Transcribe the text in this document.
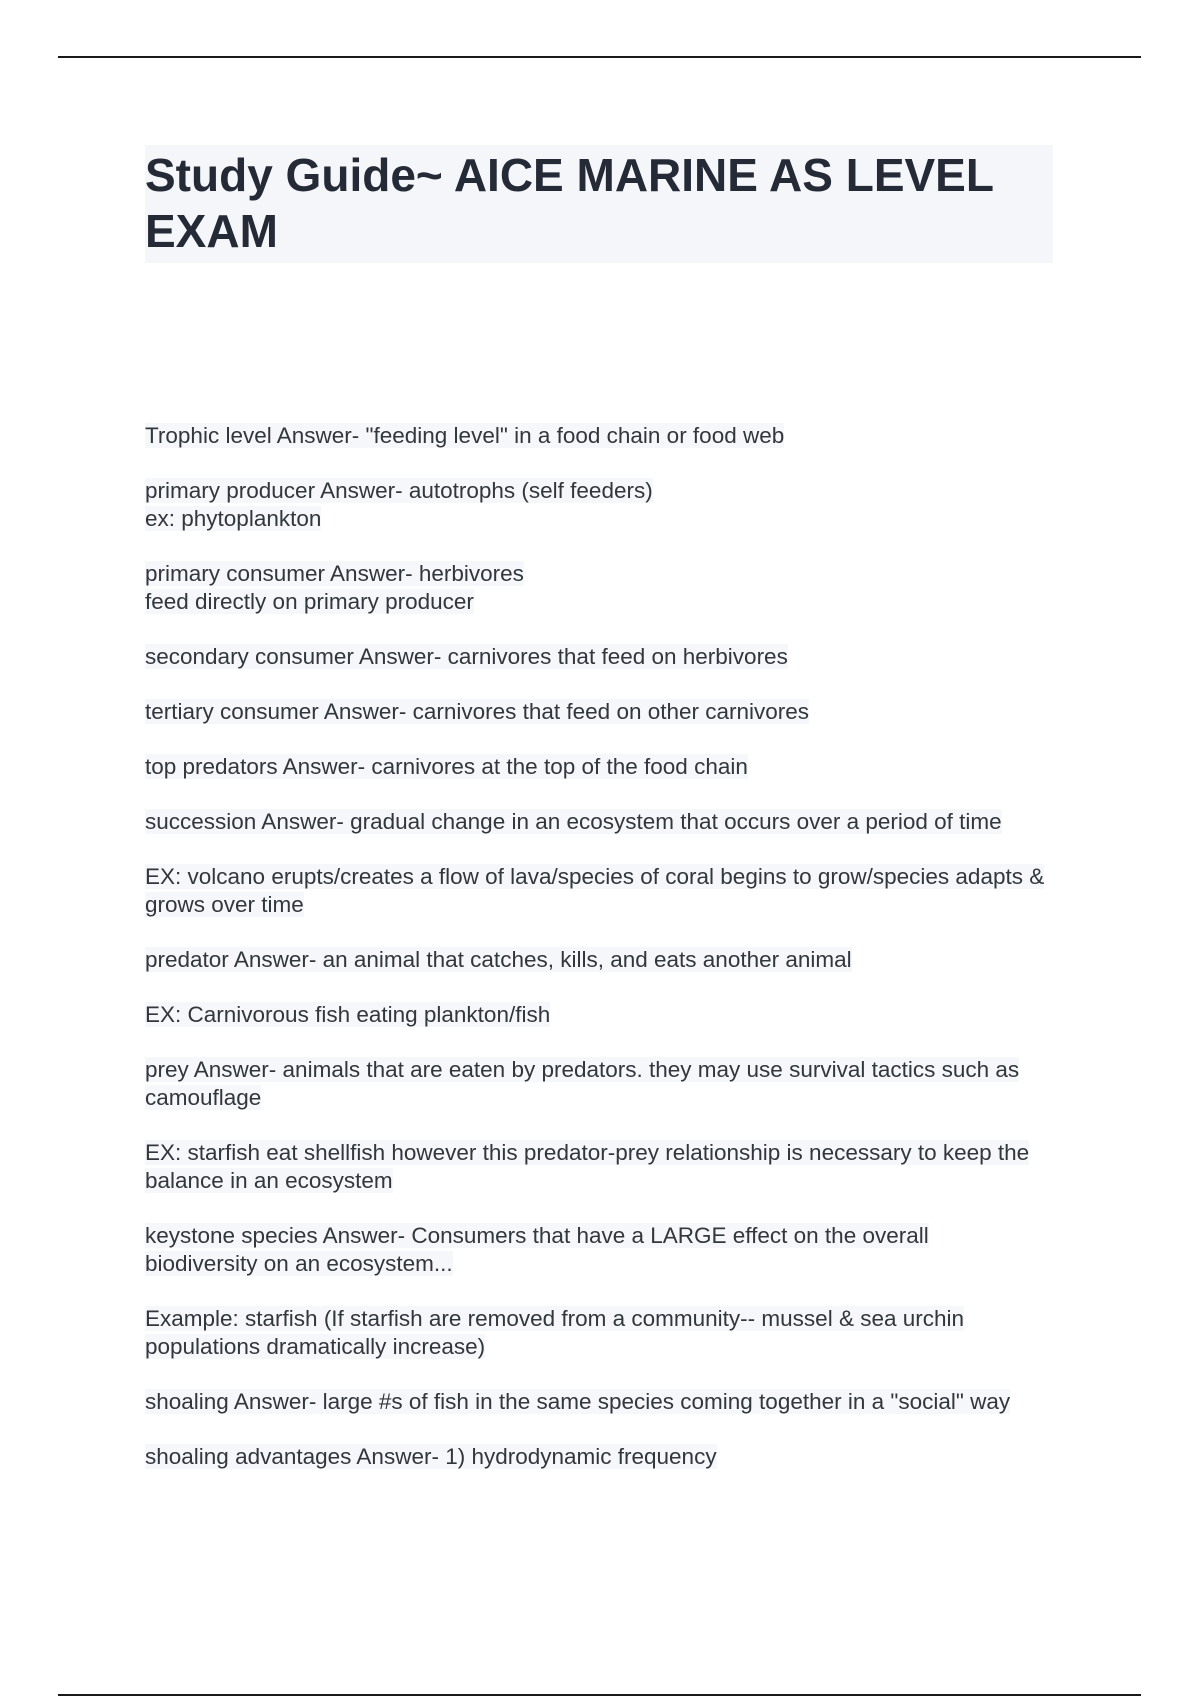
Study Guide~ AICE MARINE AS LEVEL EXAM
Trophic level Answer- "feeding level" in a food chain or food web
primary producer Answer- autotrophs (self feeders)
ex: phytoplankton
primary consumer Answer- herbivores
feed directly on primary producer
secondary consumer Answer- carnivores that feed on herbivores
tertiary consumer Answer- carnivores that feed on other carnivores
top predators Answer- carnivores at the top of the food chain
succession Answer- gradual change in an ecosystem that occurs over a period of time
EX: volcano erupts/creates a flow of lava/species of coral begins to grow/species adapts & grows over time
predator Answer- an animal that catches, kills, and eats another animal
EX: Carnivorous fish eating plankton/fish
prey Answer- animals that are eaten by predators. they may use survival tactics such as camouflage
EX: starfish eat shellfish however this predator-prey relationship is necessary to keep the balance in an ecosystem
keystone species Answer- Consumers that have a LARGE effect on the overall biodiversity on an ecosystem...
Example: starfish (If starfish are removed from a community-- mussel & sea urchin populations dramatically increase)
shoaling Answer- large #s of fish in the same species coming together in a "social" way
shoaling advantages Answer- 1) hydrodynamic frequency
